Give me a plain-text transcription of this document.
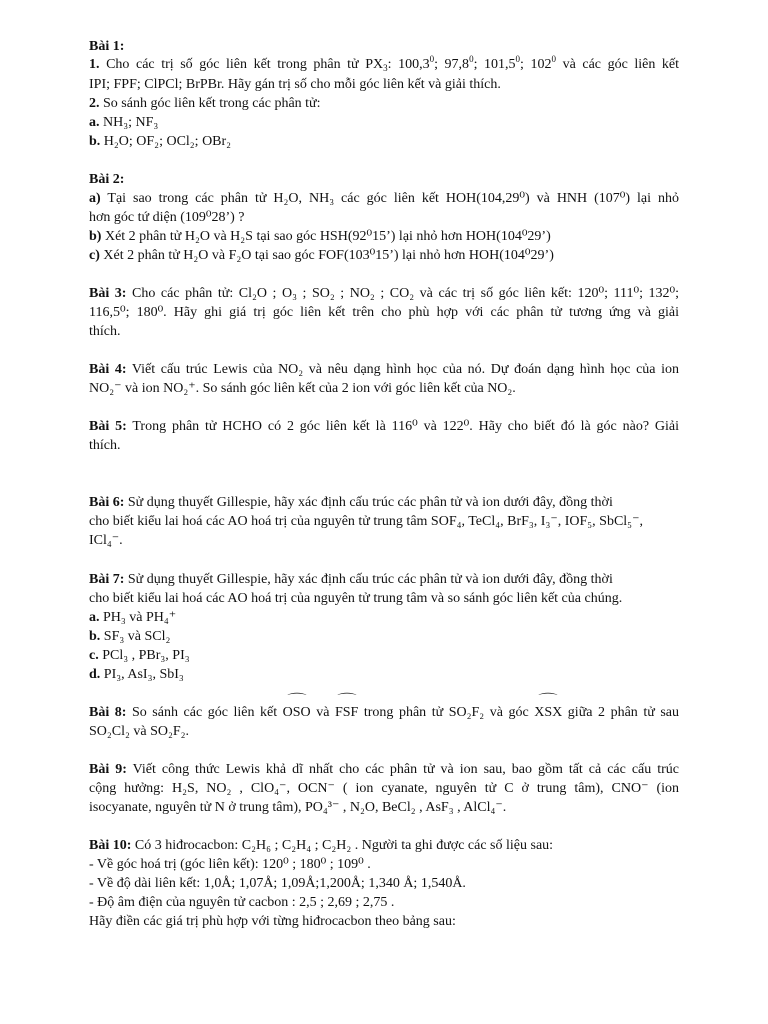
Bài 1:
1. Cho các trị số góc liên kết trong phân tử $PX_3$: 100,3$^0$; 97,8$^0$; 101,5$^0$; $102^0$ và các góc liên kết
IPI; FPF; ClPCl; BrPBr. Hãy gán trị số cho mỗi góc liên kết và giải thích.
2. So sánh góc liên kết trong các phân tử:
a. NH₃; NF₃
b. H₂O; OF₂; OCl₂; OBr₂
Bài 2:
a) Tại sao trong các phân tử H₂O, NH₃ các góc liên kết HOH(104,29⁰) và HNH (107⁰) lại nhỏ
hơn góc tứ diện (109⁰28’) ?
b) Xét 2 phân tử H₂O và H₂S tại sao góc HSH(92⁰15’) lại nhỏ hơn HOH(104⁰29’)
c) Xét 2 phân tử H₂O và F₂O tại sao góc FOF(103⁰15’) lại nhỏ hơn HOH(104⁰29’)
Bài 3: Cho các phân tử: Cl₂O ; O₃ ; SO₂ ; NO₂ ; CO₂ và các trị số góc liên kết: 120⁰; 111⁰; 132⁰;
116,5⁰; 180⁰. Hãy ghi giá trị góc liên kết trên cho phù hợp với các phân tử tương ứng và giải
thích.
Bài 4: Viết cấu trúc Lewis của NO₂ và nêu dạng hình học của nó. Dự đoán dạng hình học của ion
NO₂⁻ và ion NO₂⁺. So sánh góc liên kết của 2 ion với góc liên kết của NO₂.
Bài 5: Trong phân tử HCHO có 2 góc liên kết là 116⁰ và 122⁰. Hãy cho biết đó là góc nào? Giải
thích.
Bài 6: Sử dụng thuyết Gillespie, hãy xác định cấu trúc các phân tử và ion dưới đây, đồng thời
cho biết kiểu lai hoá các AO hoá trị của nguyên tử trung tâm SOF₄, TeCl₄, BrF₃, I₃⁻, IOF₅, SbCl₅⁻,
ICl₄⁻.
Bài 7: Sử dụng thuyết Gillespie, hãy xác định cấu trúc các phân tử và ion dưới đây, đồng thời
cho biết kiểu lai hoá các AO hoá trị của nguyên tử trung tâm và so sánh góc liên kết của chúng.
a. PH₃ và PH₄⁺
b. SF₃ và SCl₂
c. PCl₃ , PBr₃, PI₃
d. PI₃, AsI₃, SbI₃
Bài 8: So sánh các góc liên kết ⌒ OSO và ⌒ FSF trong phân tử SO₂F₂ và góc ⌒ XSX giữa 2 phân tử sau
SO₂Cl₂ và SO₂F₂.
Bài 9: Viết công thức Lewis khả dĩ nhất cho các phân tử và ion sau, bao gồm tất cả các cấu trúc
cộng hưởng: H₂S, NO₂ , ClO₄⁻, OCN⁻ ( ion cyanate, nguyên tử C ở trung tâm), CNO⁻ (ion
isocyanate, nguyên tử N ở trung tâm), PO₄³⁻ , N₂O, BeCl₂ , AsF₃ , AlCl₄⁻.
Bài 10: Có 3 hiđrocacbon: C₂H₆ ; C₂H₄ ; C₂H₂ . Người ta ghi được các số liệu sau:
- Về góc hoá trị (góc liên kết): 120⁰ ; 180⁰ ; 109⁰ .
- Về độ dài liên kết: 1,0Å; 1,07Å; 1,09Å;1,200Å; 1,340 Å; 1,540Å.
- Độ âm điện của nguyên tử cacbon : 2,5 ; 2,69 ; 2,75 .
Hãy điền các giá trị phù hợp với từng hiđrocacbon theo bảng sau:
